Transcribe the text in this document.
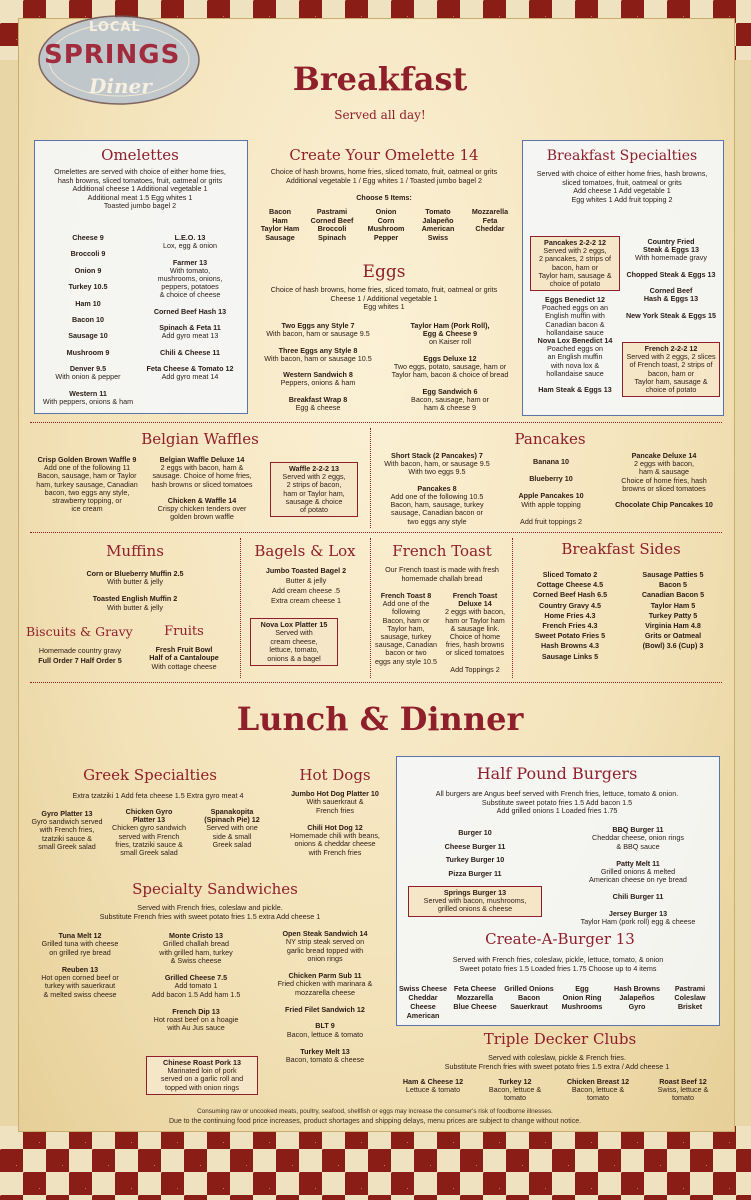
LOCAL
SPRINGS
Diner	Breakfast
Served all day!
Omelettes
Omelettes are served with choice of either home fries,
hash browns, sliced tomatoes, fruit, oatmeal or grits
Additional cheese 1 Additional vegetable 1
Additional meat 1.5 Egg whites 1
Toasted jumbo bagel 2
Cheese 9

Broccoli 9

Onion 9

Turkey 10.5

Ham 10

Bacon 10

Sausage 10

Mushroom 9

Denver 9.5
With onion & pepper

Western 11
With peppers, onions & ham
L.E.O. 13
Lox, egg & onion

Farmer 13
With tomato,
mushrooms, onions,
peppers, potatoes
& choice of cheese

Corned Beef Hash 13

Spinach & Feta 11
Add gyro meat 13

Chili & Cheese 11

Feta Cheese & Tomato 12
Add gyro meat 14
Create Your Omelette 14
Choice of hash browns, home fries, sliced tomato, fruit, oatmeal or grits
Additional vegetable 1 / Egg whites 1 / Toasted jumbo bagel 2
Choose 5 Items:
Bacon
Ham
Taylor Ham
Sausage
Pastrami
Corned Beef
Broccoli
Spinach
Onion
Corn
Mushroom
Pepper
Tomato
Jalapeño
American
Swiss
Mozzarella
Feta
Cheddar
Eggs
Choice of hash browns, home fries, sliced tomato, fruit, oatmeal or grits
Cheese 1 / Additional vegetable 1
Egg whites 1
Two Eggs any Style 7
With bacon, ham or sausage 9.5

Three Eggs any Style 8
With bacon, ham or sausage 10.5

Western Sandwich 8
Peppers, onions & ham

Breakfast Wrap 8
Egg & cheese
Taylor Ham (Pork Roll),
Egg & Cheese 9
on Kaiser roll

Eggs Deluxe 12
Two eggs, potato, sausage, ham or
Taylor ham, bacon & choice of bread

Egg Sandwich 6
Bacon, sausage, ham or
ham & cheese 9
Breakfast Specialties
Served with choice of either home fries, hash browns,
sliced tomatoes, fruit, oatmeal or grits
Add cheese 1 Add vegetable 1
Egg whites 1 Add fruit topping 2
Pancakes 2-2-2 12
Served with 2 eggs,
2 pancakes, 2 strips of
bacon, ham or
Taylor ham, sausage &
choice of potato
Country Fried
Steak & Eggs 13
With homemade gravy

Chopped Steak & Eggs 13

Corned Beef
Hash & Eggs 13

New York Steak & Eggs 15
Eggs Benedict 12
Poached eggs on an
English muffin with
Canadian bacon &
hollandaise sauce
Nova Lox Benedict 14
Poached eggs on
an English muffin
with nova lox &
hollandaise sauce

Ham Steak & Eggs 13
French 2-2-2 12
Served with 2 eggs, 2 slices
of French toast, 2 strips of
bacon, ham or
Taylor ham, sausage &
choice of potato
Belgian Waffles
Crisp Golden Brown Waffle 9
Add one of the following 11
Bacon, sausage, ham or Taylor
ham, turkey sausage, Canadian
bacon, two eggs any style,
strawberry topping, or
ice cream
Belgian Waffle Deluxe 14
2 eggs with bacon, ham &
sausage. Choice of home fries,
hash browns or sliced tomatoes

Chicken & Waffle 14
Crispy chicken tenders over
golden brown waffle
Waffle 2-2-2 13
Served with 2 eggs,
2 strips of bacon,
ham or Taylor ham,
sausage & choice
of potato
Pancakes
Short Stack (2 Pancakes) 7
With bacon, ham, or sausage 9.5
With two eggs 9.5

Pancakes 8
Add one of the following 10.5
Bacon, ham, sausage, turkey
sausage, Canadian bacon or
two eggs any style
Banana 10

Blueberry 10

Apple Pancakes 10
With apple topping

Add fruit toppings 2
Pancake Deluxe 14
2 eggs with bacon,
ham & sausage
Choice of home fries, hash
browns or sliced tomatoes

Chocolate Chip Pancakes 10
Muffins
Corn or Blueberry Muffin 2.5
With butter & jelly

Toasted English Muffin 2
With butter & jelly
Biscuits & Gravy
Homemade country gravy
Full Order 7 Half Order 5
Fruits
Fresh Fruit Bowl
Half of a Cantaloupe
With cottage cheese
Bagels & Lox
Jumbo Toasted Bagel 2
Butter & jelly
Add cream cheese .5
Extra cream cheese 1
Nova Lox Platter 15
Served with
cream cheese,
lettuce, tomato,
onions & a bagel
French Toast
Our French toast is made with fresh
homemade challah bread
French Toast 8
Add one of the
following
Bacon, ham or
Taylor ham,
sausage, turkey
sausage, Canadian
bacon or two
eggs any style 10.5
French Toast
Deluxe 14
2 eggs with bacon,
ham or Taylor ham
& sausage link.
Choice of home
fries, hash browns
or sliced tomatoes

Add Toppings 2
Breakfast Sides
Sliced Tomato 2
Cottage Cheese 4.5
Corned Beef Hash 6.5
Country Gravy 4.5
Home Fries 4.3
French Fries 4.3
Sweet Potato Fries 5
Hash Browns 4.3
Sausage Links 5
Sausage Patties 5
Bacon 5
Canadian Bacon 5
Taylor Ham 5
Turkey Patty 5
Virginia Ham 4.8
Grits or Oatmeal
(Bowl) 3.6 (Cup) 3
Lunch & Dinner
Greek Specialties
Extra tzatziki 1 Add feta cheese 1.5 Extra gyro meat 4
Gyro Platter 13
Gyro sandwich served
with French fries,
tzatziki sauce &
small Greek salad
Chicken Gyro
Platter 13
Chicken gyro sandwich
served with French
fries, tzatziki sauce &
small Greek salad
Spanakopita
(Spinach Pie) 12
Served with one
side & small
Greek salad
Hot Dogs
Jumbo Hot Dog Platter 10
With sauerkraut &
French fries

Chili Hot Dog 12
Homemade chili with beans,
onions & cheddar cheese
with French fries
Specialty Sandwiches
Served with French fries, coleslaw and pickle.
Substitute French fries with sweet potato fries 1.5 extra Add cheese 1
Tuna Melt 12
Grilled tuna with cheese
on grilled rye bread

Reuben 13
Hot open corned beef or
turkey with sauerkraut
& melted swiss cheese
Monte Cristo 13
Grilled challah bread
with grilled ham, turkey
& Swiss cheese

Grilled Cheese 7.5
Add tomato 1
Add bacon 1.5 Add ham 1.5

French Dip 13
Hot roast beef on a hoagie
with Au Jus sauce
Chinese Roast Pork 13
Marinated loin of pork
served on a garlic roll and
topped with onion rings
Open Steak Sandwich 14
NY strip steak served on
garlic bread topped with
onion rings

Chicken Parm Sub 11
Fried chicken with marinara &
mozzarella cheese

Fried Filet Sandwich 12

BLT 9
Bacon, lettuce & tomato

Turkey Melt 13
Bacon, tomato & cheese
Half Pound Burgers
All burgers are Angus beef served with French fries, lettuce, tomato & onion.
Substitute sweet potato fries 1.5 Add bacon 1.5
Add grilled onions 1 Loaded fries 1.75
Burger 10
Cheese Burger 11
Turkey Burger 10
Pizza Burger 11
Springs Burger 13
Served with bacon, mushrooms,
grilled onions & cheese
BBQ Burger 11
Cheddar cheese, onion rings
& BBQ sauce

Patty Melt 11
Grilled onions & melted
American cheese on rye bread

Chili Burger 11

Jersey Burger 13
Taylor Ham (pork roll) egg & cheese
Create-A-Burger 13
Served with French fries, coleslaw, pickle, lettuce, tomato, & onion
Sweet potato fries 1.5 Loaded fries 1.75 Choose up to 4 items
Swiss Cheese
Cheddar Cheese
American
Feta Cheese
Mozzarella
Blue Cheese
Grilled Onions
Bacon
Sauerkraut
Egg
Onion Ring
Mushrooms
Hash Browns
Jalapeños
Gyro
Pastrami
Coleslaw
Brisket
Triple Decker Clubs
Served with coleslaw, pickle & French fries.
Substitute French fries with sweet potato fries 1.5 extra / Add cheese 1
Ham & Cheese 12
Lettuce & tomato
Turkey 12
Bacon, lettuce &
tomato
Chicken Breast 12
Bacon, lettuce &
tomato
Roast Beef 12
Swiss, lettuce &
tomato
Consuming raw or uncooked meats, poultry, seafood, shellfish or eggs may increase the consumer's risk of foodborne illnesses.
Due to the continuing food price increases, product shortages and shipping delays, menu prices are subject to change without notice.
